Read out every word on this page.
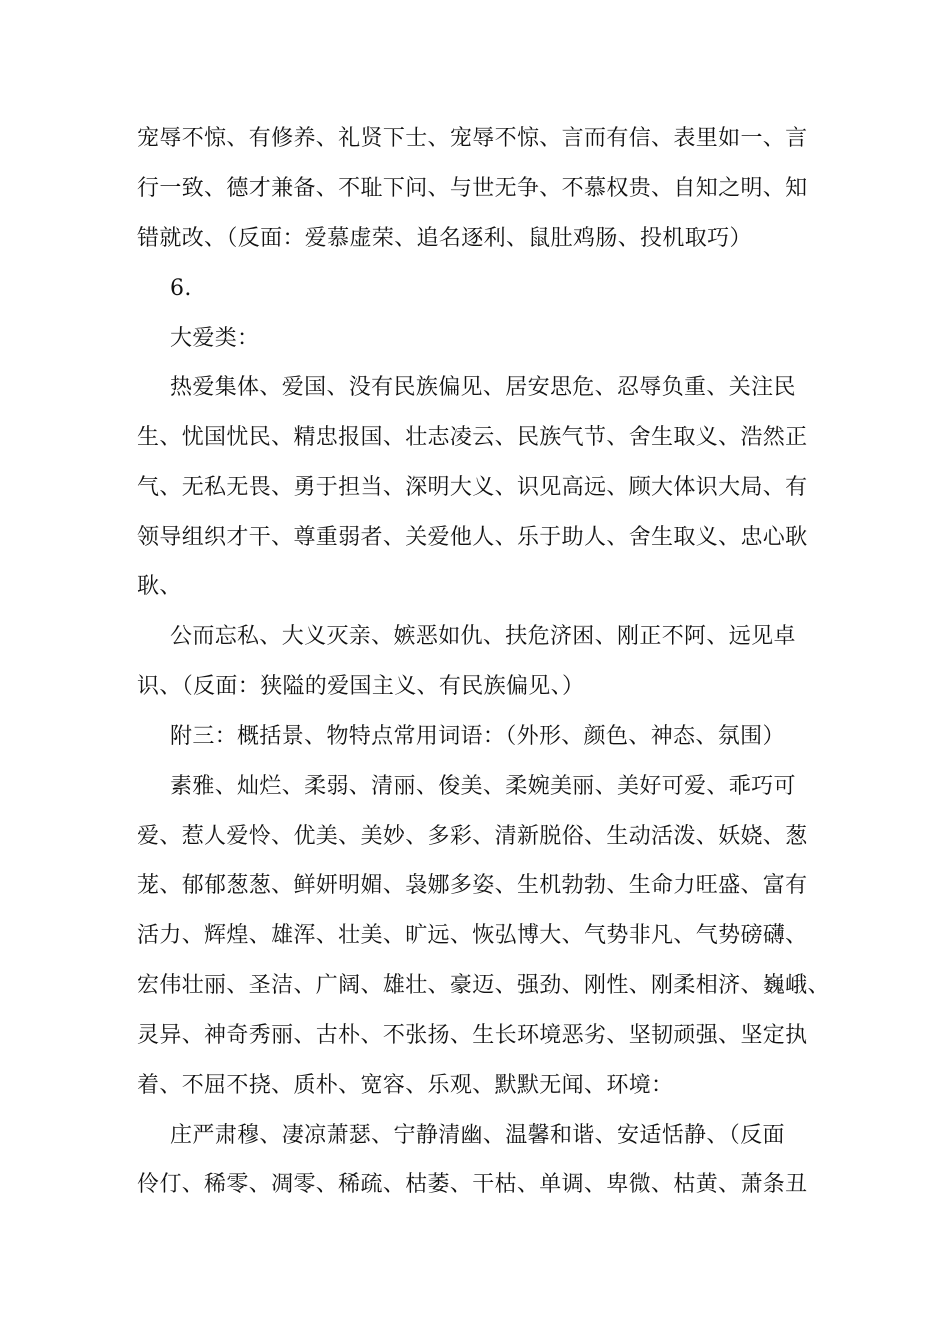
宠辱不惊、有修养、礼贤下士、宠辱不惊、言而有信、表里如一、言

行一致、德才兼备、不耻下问、与世无争、不慕权贵、自知之明、知

错就改、（反面：爱慕虚荣、追名逐利、鼠肚鸡肠、投机取巧）

6.

大爱类：

热爱集体、爱国、没有民族偏见、居安思危、忍辱负重、关注民

生、忧国忧民、精忠报国、壮志凌云、民族气节、舍生取义、浩然正

气、无私无畏、勇于担当、深明大义、识见高远、顾大体识大局、有

领导组织才干、尊重弱者、关爱他人、乐于助人、舍生取义、忠心耿

耿、

公而忘私、大义灭亲、嫉恶如仇、扶危济困、刚正不阿、远见卓

识、（反面：狭隘的爱国主义、有民族偏见、）

附三：概括景、物特点常用词语：（外形、颜色、神态、氛围）

素雅、灿烂、柔弱、清丽、俊美、柔婉美丽、美好可爱、乖巧可

爱、惹人爱怜、优美、美妙、多彩、清新脱俗、生动活泼、妖娆、葱

茏、郁郁葱葱、鲜妍明媚、袅娜多姿、生机勃勃、生命力旺盛、富有

活力、辉煌、雄浑、壮美、旷远、恢弘博大、气势非凡、气势磅礴、

宏伟壮丽、圣洁、广阔、雄壮、豪迈、强劲、刚性、刚柔相济、巍峨、

灵异、神奇秀丽、古朴、不张扬、生长环境恶劣、坚韧顽强、坚定执

着、不屈不挠、质朴、宽容、乐观、默默无闻、环境：

庄严肃穆、凄凉萧瑟、宁静清幽、温馨和谐、安适恬静、（反面

伶仃、稀零、凋零、稀疏、枯萎、干枯、单调、卑微、枯黄、萧条丑
